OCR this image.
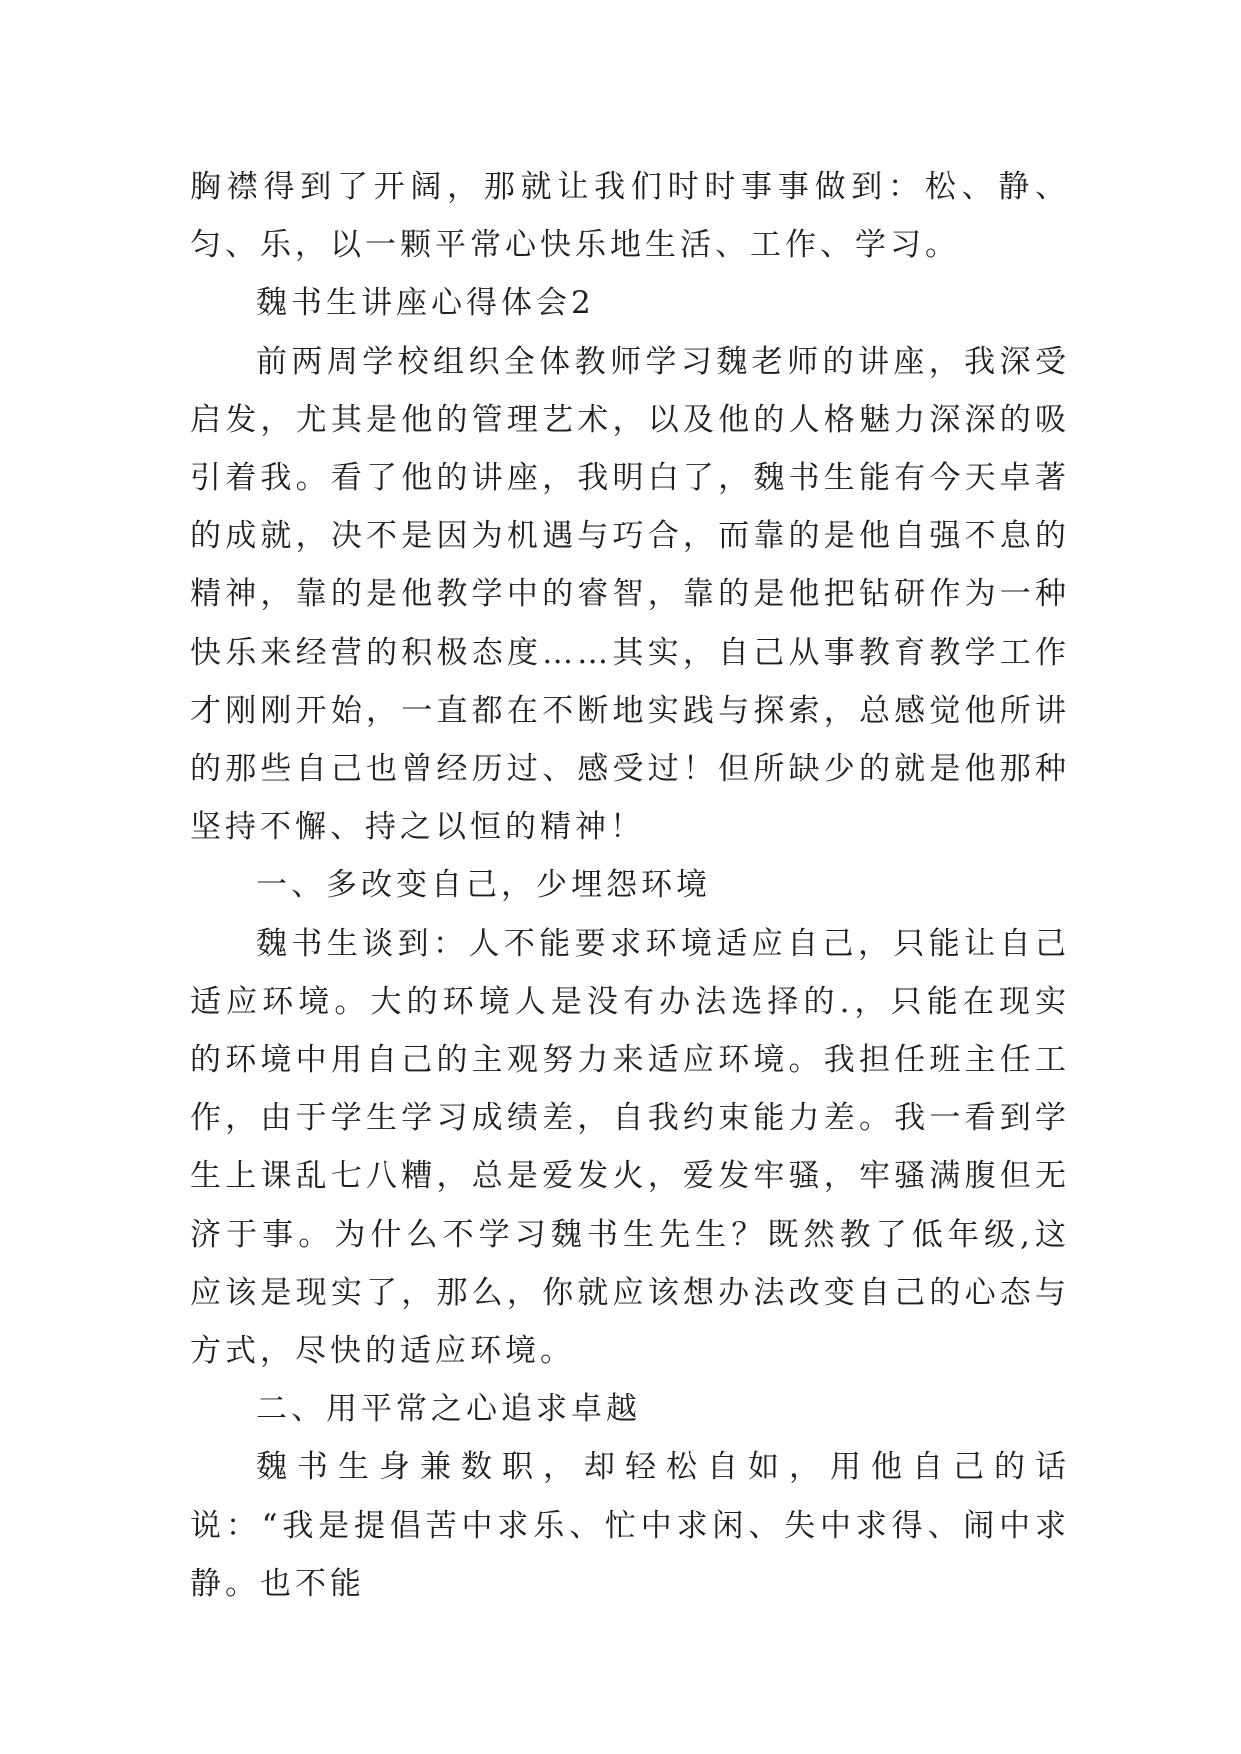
胸襟得到了开阔，那就让我们时时事事做到：松、静、匀、乐，以一颗平常心快乐地生活、工作、学习。

魏书生讲座心得体会2

前两周学校组织全体教师学习魏老师的讲座，我深受启发，尤其是他的管理艺术，以及他的人格魅力深深的吸引着我。看了他的讲座，我明白了，魏书生能有今天卓著的成就，决不是因为机遇与巧合，而靠的是他自强不息的精神，靠的是他教学中的睿智，靠的是他把钻研作为一种快乐来经营的积极态度……其实，自己从事教育教学工作才刚刚开始，一直都在不断地实践与探索，总感觉他所讲的那些自己也曾经历过、感受过！但所缺少的就是他那种坚持不懈、持之以恒的精神！

一、多改变自己，少埋怨环境

魏书生谈到：人不能要求环境适应自己，只能让自己适应环境。大的环境人是没有办法选择的.，只能在现实的环境中用自己的主观努力来适应环境。我担任班主任工作，由于学生学习成绩差，自我约束能力差。我一看到学生上课乱七八糟，总是爱发火，爱发牢骚，牢骚满腹但无济于事。为什么不学习魏书生先生？既然教了低年级,这应该是现实了，那么，你就应该想办法改变自己的心态与方式，尽快的适应环境。

二、用平常之心追求卓越

魏书生身兼数职，却轻松自如，用他自己的话说：“我是提倡苦中求乐、忙中求闲、失中求得、闹中求静。也不能
